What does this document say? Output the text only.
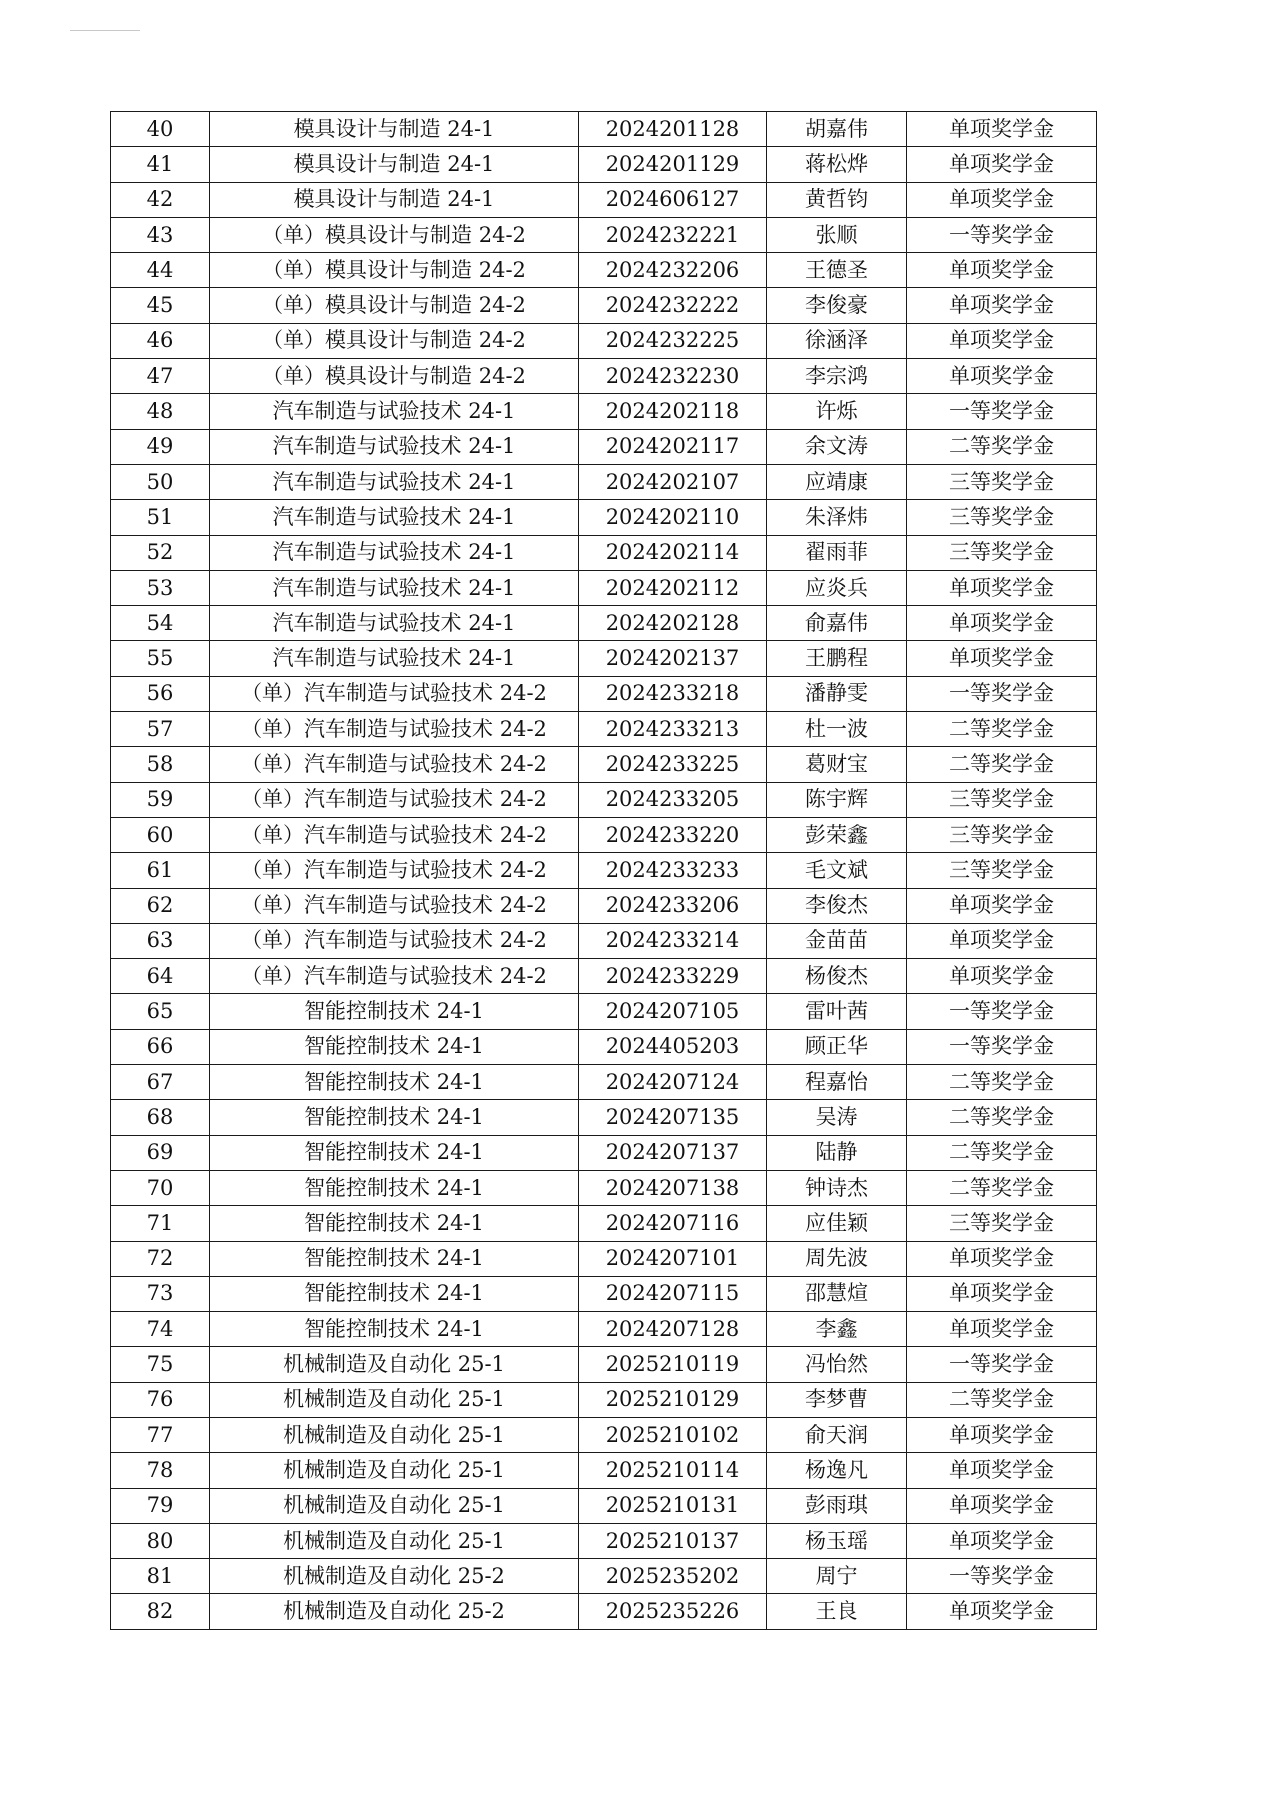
40	模具设计与制造 24-1	2024201128	胡嘉伟	单项奖学金
41	模具设计与制造 24-1	2024201129	蒋松烨	单项奖学金
42	模具设计与制造 24-1	2024606127	黄哲钧	单项奖学金
43	（单）模具设计与制造 24-2	2024232221	张顺	一等奖学金
44	（单）模具设计与制造 24-2	2024232206	王德圣	单项奖学金
45	（单）模具设计与制造 24-2	2024232222	李俊豪	单项奖学金
46	（单）模具设计与制造 24-2	2024232225	徐涵泽	单项奖学金
47	（单）模具设计与制造 24-2	2024232230	李宗鸿	单项奖学金
48	汽车制造与试验技术 24-1	2024202118	许烁	一等奖学金
49	汽车制造与试验技术 24-1	2024202117	余文涛	二等奖学金
50	汽车制造与试验技术 24-1	2024202107	应靖康	三等奖学金
51	汽车制造与试验技术 24-1	2024202110	朱泽炜	三等奖学金
52	汽车制造与试验技术 24-1	2024202114	翟雨菲	三等奖学金
53	汽车制造与试验技术 24-1	2024202112	应炎兵	单项奖学金
54	汽车制造与试验技术 24-1	2024202128	俞嘉伟	单项奖学金
55	汽车制造与试验技术 24-1	2024202137	王鹏程	单项奖学金
56	（单）汽车制造与试验技术 24-2	2024233218	潘静雯	一等奖学金
57	（单）汽车制造与试验技术 24-2	2024233213	杜一波	二等奖学金
58	（单）汽车制造与试验技术 24-2	2024233225	葛财宝	二等奖学金
59	（单）汽车制造与试验技术 24-2	2024233205	陈宇辉	三等奖学金
60	（单）汽车制造与试验技术 24-2	2024233220	彭荣鑫	三等奖学金
61	（单）汽车制造与试验技术 24-2	2024233233	毛文斌	三等奖学金
62	（单）汽车制造与试验技术 24-2	2024233206	李俊杰	单项奖学金
63	（单）汽车制造与试验技术 24-2	2024233214	金苗苗	单项奖学金
64	（单）汽车制造与试验技术 24-2	2024233229	杨俊杰	单项奖学金
65	智能控制技术 24-1	2024207105	雷叶茜	一等奖学金
66	智能控制技术 24-1	2024405203	顾正华	一等奖学金
67	智能控制技术 24-1	2024207124	程嘉怡	二等奖学金
68	智能控制技术 24-1	2024207135	吴涛	二等奖学金
69	智能控制技术 24-1	2024207137	陆静	二等奖学金
70	智能控制技术 24-1	2024207138	钟诗杰	二等奖学金
71	智能控制技术 24-1	2024207116	应佳颖	三等奖学金
72	智能控制技术 24-1	2024207101	周先波	单项奖学金
73	智能控制技术 24-1	2024207115	邵慧煊	单项奖学金
74	智能控制技术 24-1	2024207128	李鑫	单项奖学金
75	机械制造及自动化 25-1	2025210119	冯怡然	一等奖学金
76	机械制造及自动化 25-1	2025210129	李梦曹	二等奖学金
77	机械制造及自动化 25-1	2025210102	俞天润	单项奖学金
78	机械制造及自动化 25-1	2025210114	杨逸凡	单项奖学金
79	机械制造及自动化 25-1	2025210131	彭雨琪	单项奖学金
80	机械制造及自动化 25-1	2025210137	杨玉瑶	单项奖学金
81	机械制造及自动化 25-2	2025235202	周宁	一等奖学金
82	机械制造及自动化 25-2	2025235226	王良	单项奖学金
